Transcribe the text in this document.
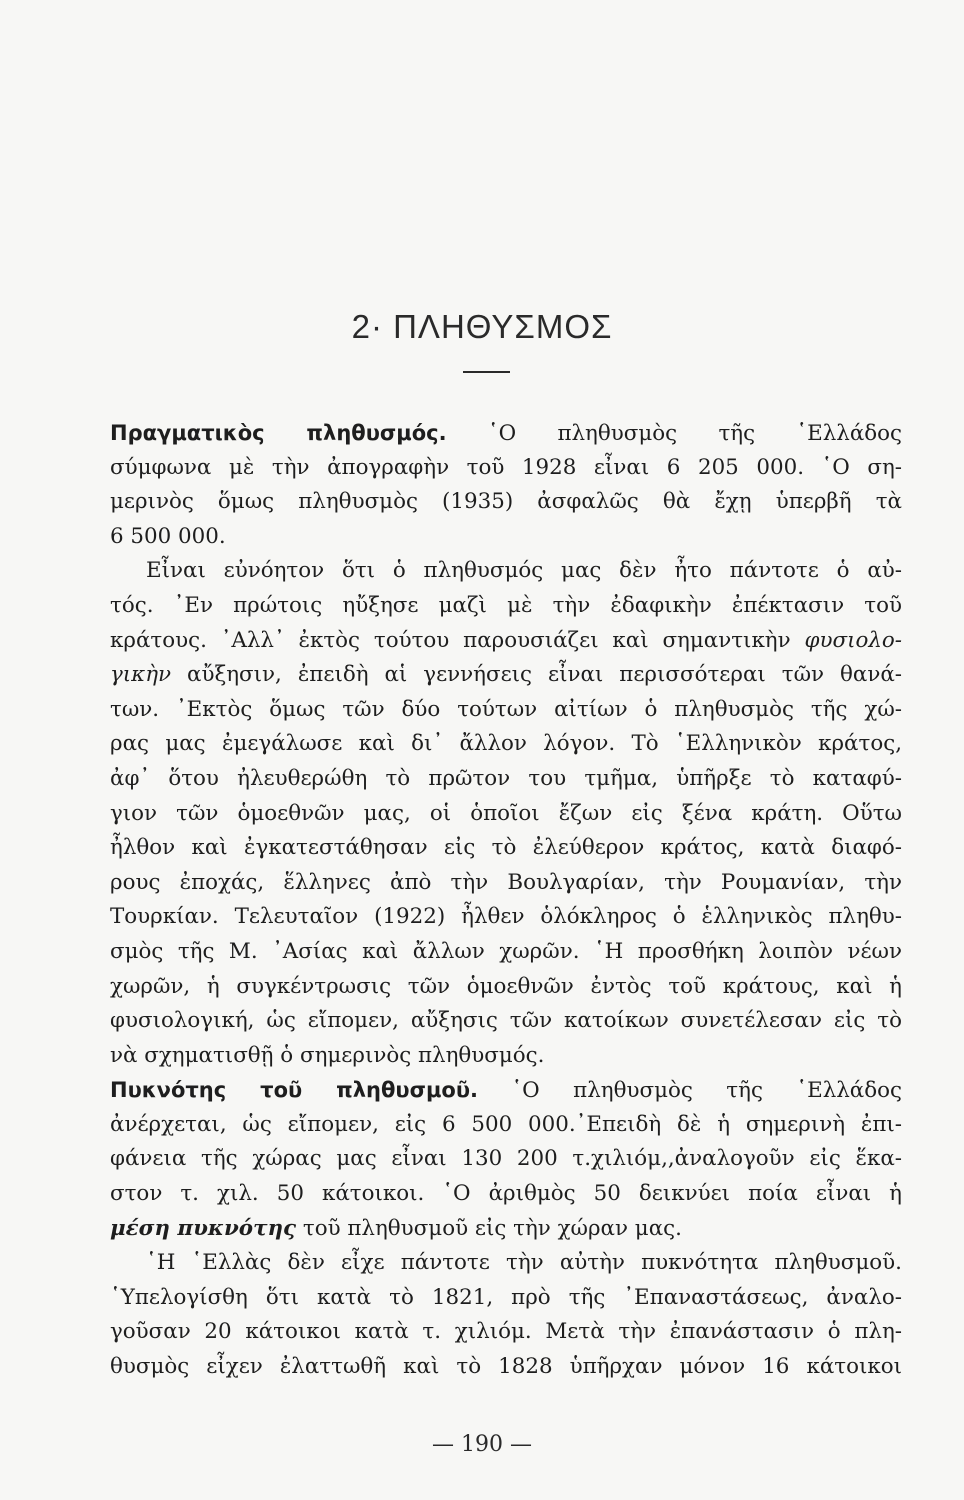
2· ΠΛΗΘΥΣΜΟΣ
Πραγματικὸς πληθυσμός. ῾Ο πληθυσμὸς τῆς ῾Ελλάδος
σύμφωνα μὲ τὴν ἀπογραφὴν τοῦ 1928 εἶναι 6 205 000. ῾Ο ση-
μερινὸς ὅμως πληθυσμὸς (1935) ἀσφαλῶς θὰ ἔχῃ ὑπερβῆ τὰ
6 500 000.
Εἶναι εὐνόητον ὅτι ὁ πληθυσμός μας δὲν ἦτο πάντοτε ὁ αὐ-
τός. ᾿Εν πρώτοις ηὔξησε μαζὶ μὲ τὴν ἐδαφικὴν ἐπέκτασιν τοῦ
κράτους. ᾿Αλλ᾿ ἐκτὸς τούτου παρουσιάζει καὶ σημαντικὴν φυσιολο-
γικὴν αὔξησιν, ἐπειδὴ αἱ γεννήσεις εἶναι περισσότεραι τῶν θανά-
των. ᾿Εκτὸς ὅμως τῶν δύο τούτων αἰτίων ὁ πληθυσμὸς τῆς χώ-
ρας μας ἐμεγάλωσε καὶ δι᾿ ἄλλον λόγον. Τὸ ῾Ελληνικὸν κράτος,
ἀφ᾿ ὅτου ἠλευθερώθη τὸ πρῶτον του τμῆμα, ὑπῆρξε τὸ καταφύ-
γιον τῶν ὁμοεθνῶν μας, οἱ ὁποῖοι ἔζων εἰς ξένα κράτη. Οὕτω
ἦλθον καὶ ἐγκατεστάθησαν εἰς τὸ ἐλεύθερον κράτος, κατὰ διαφό-
ρους ἐποχάς, ἕλληνες ἀπὸ τὴν Βουλγαρίαν, τὴν Ρουμανίαν, τὴν
Τουρκίαν. Τελευταῖον (1922) ἦλθεν ὁλόκληρος ὁ ἑλληνικὸς πληθυ-
σμὸς τῆς Μ. ᾿Ασίας καὶ ἄλλων χωρῶν. ῾Η προσθήκη λοιπὸν νέων
χωρῶν, ἡ συγκέντρωσις τῶν ὁμοεθνῶν ἐντὸς τοῦ κράτους, καὶ ἡ
φυσιολογική, ὡς εἴπομεν, αὔξησις τῶν κατοίκων συνετέλεσαν εἰς τὸ
νὰ σχηματισθῇ ὁ σημερινὸς πληθυσμός.
Πυκνότης τοῦ πληθυσμοῦ. ῾Ο πληθυσμὸς τῆς ῾Ελλάδος
ἀνέρχεται, ὡς εἴπομεν, εἰς 6 500 000.᾿Επειδὴ δὲ ἡ σημερινὴ ἐπι-
φάνεια τῆς χώρας μας εἶναι 130 200 τ.χιλιόμ,,ἀναλογοῦν εἰς ἕκα-
στον τ. χιλ. 50 κάτοικοι. ῾Ο ἀριθμὸς 50 δεικνύει ποία εἶναι ἡ
μέση πυκνότης τοῦ πληθυσμοῦ εἰς τὴν χώραν μας.
῾Η ῾Ελλὰς δὲν εἶχε πάντοτε τὴν αὐτὴν πυκνότητα πληθυσμοῦ.
῾Υπελογίσθη ὅτι κατὰ τὸ 1821, πρὸ τῆς ᾿Επαναστάσεως, ἀναλο-
γοῦσαν 20 κάτοικοι κατὰ τ. χιλιόμ. Μετὰ τὴν ἐπανάστασιν ὁ πλη-
θυσμὸς εἶχεν ἐλαττωθῆ καὶ τὸ 1828 ὑπῆρχαν μόνον 16 κάτοικοι
— 190 —
